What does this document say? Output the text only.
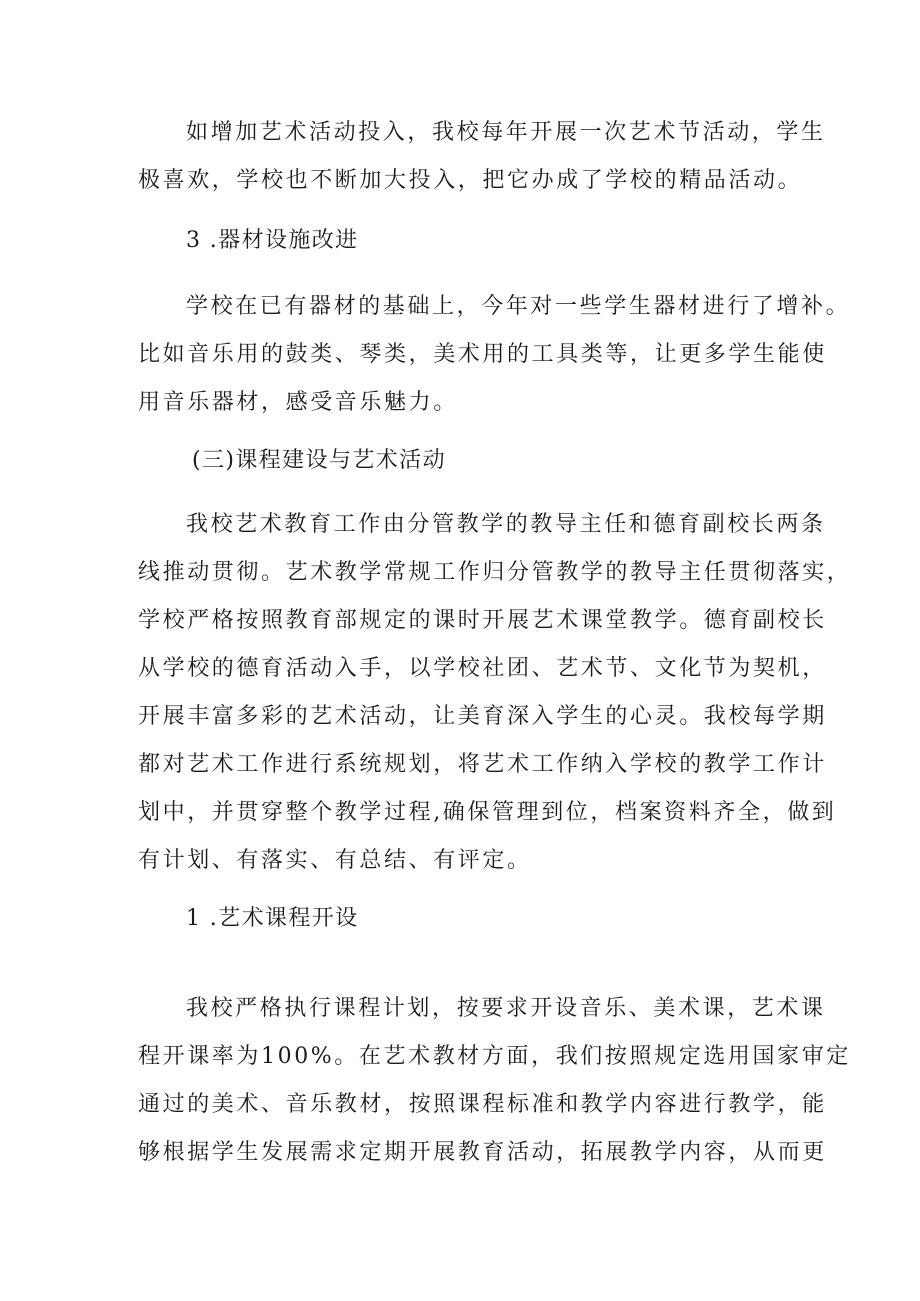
如增加艺术活动投入，我校每年开展一次艺术节活动，学生
极喜欢，学校也不断加大投入，把它办成了学校的精品活动。
3 .器材设施改进
学校在已有器材的基础上，今年对一些学生器材进行了增补。
比如音乐用的鼓类、琴类，美术用的工具类等，让更多学生能使
用音乐器材，感受音乐魅力。
(三)课程建设与艺术活动
我校艺术教育工作由分管教学的教导主任和德育副校长两条
线推动贯彻。艺术教学常规工作归分管教学的教导主任贯彻落实，
学校严格按照教育部规定的课时开展艺术课堂教学。德育副校长
从学校的德育活动入手，以学校社团、艺术节、文化节为契机，
开展丰富多彩的艺术活动，让美育深入学生的心灵。我校每学期
都对艺术工作进行系统规划，将艺术工作纳入学校的教学工作计
划中，并贯穿整个教学过程,确保管理到位，档案资料齐全，做到
有计划、有落实、有总结、有评定。
1 .艺术课程开设
我校严格执行课程计划，按要求开设音乐、美术课，艺术课
程开课率为100%。在艺术教材方面，我们按照规定选用国家审定
通过的美术、音乐教材，按照课程标准和教学内容进行教学，能
够根据学生发展需求定期开展教育活动，拓展教学内容，从而更
